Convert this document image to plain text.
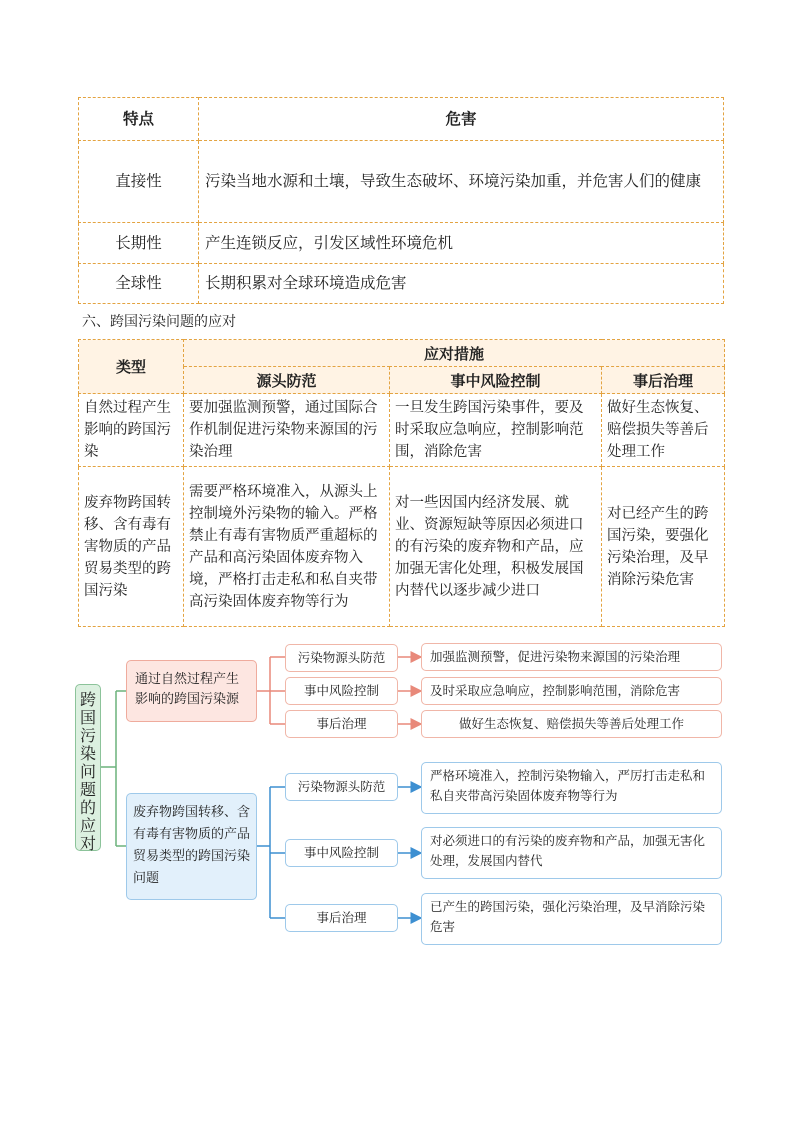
特点	危害
直接性	污染当地水源和土壤，导致生态破坏、环境污染加重，并危害人们的健康
长期性	产生连锁反应，引发区域性环境危机
全球性	长期积累对全球环境造成危害
六、跨国污染问题的应对
类型	应对措施		
	源头防范	事中风险控制	事后治理
自然过程产生影响的跨国污染	要加强监测预警，通过国际合作机制促进污染物来源国的污染治理	一旦发生跨国污染事件，要及时采取应急响应，控制影响范围，消除危害	做好生态恢复、赔偿损失等善后处理工作
废弃物跨国转移、含有毒有害物质的产品贸易类型的跨国污染	需要严格环境准入，从源头上控制境外污染物的输入。严格禁止有毒有害物质严重超标的产品和高污染固体废弃物入境，严格打击走私和私自夹带高污染固体废弃物等行为	对一些因国内经济发展、就业、资源短缺等原因必须进口的有污染的废弃物和产品，应加强无害化处理，积极发展国内替代以逐步减少进口	对已经产生的跨国污染，要强化污染治理，及早消除污染危害
跨国污染问题的应对
通过自然过程产生影响的跨国污染源
废弃物跨国转移、含有毒有害物质的产品贸易类型的跨国污染问题
污染物源头防范
事中风险控制
事后治理
加强监测预警，促进污染物来源国的污染治理
及时采取应急响应，控制影响范围，消除危害
做好生态恢复、赔偿损失等善后处理工作
污染物源头防范
事中风险控制
事后治理
严格环境准入，控制污染物输入，严厉打击走私和私自夹带高污染固体废弃物等行为
对必须进口的有污染的废弃物和产品，加强无害化处理，发展国内替代
已产生的跨国污染，强化污染治理，及早消除污染危害
